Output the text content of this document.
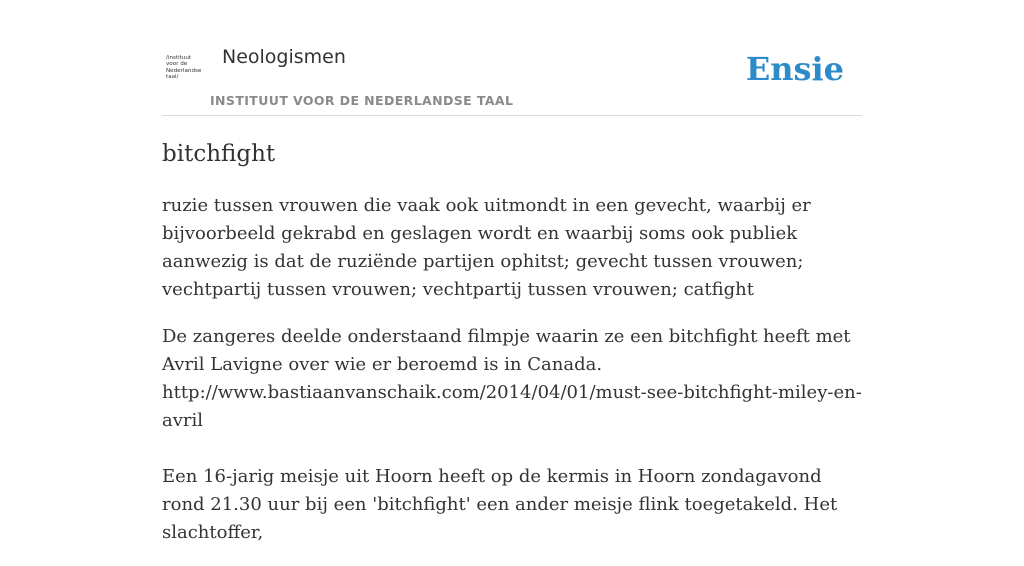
/instituut
voor de
Nederlandse
taal/
Neologismen
INSTITUUT VOOR DE NEDERLANDSE TAAL
Ensie
bitchfight

ruzie tussen vrouwen die vaak ook uitmondt in een gevecht, waarbij er bijvoorbeeld gekrabd en geslagen wordt en waarbij soms ook publiek aanwezig is dat de ruziënde partijen ophitst; gevecht tussen vrouwen; vechtpartij tussen vrouwen; vechtpartij tussen vrouwen; catfight

De zangeres deelde onderstaand filmpje waarin ze een bitchfight heeft met Avril Lavigne over wie er beroemd is in Canada.

http://www.bastiaanvanschaik.com/2014/04/01/must-see-bitchfight-miley-en-avril

Een 16-jarig meisje uit Hoorn heeft op de kermis in Hoorn zondagavond rond 21.30 uur bij een 'bitchfight' een ander meisje flink toegetakeld. Het slachtoffer,
